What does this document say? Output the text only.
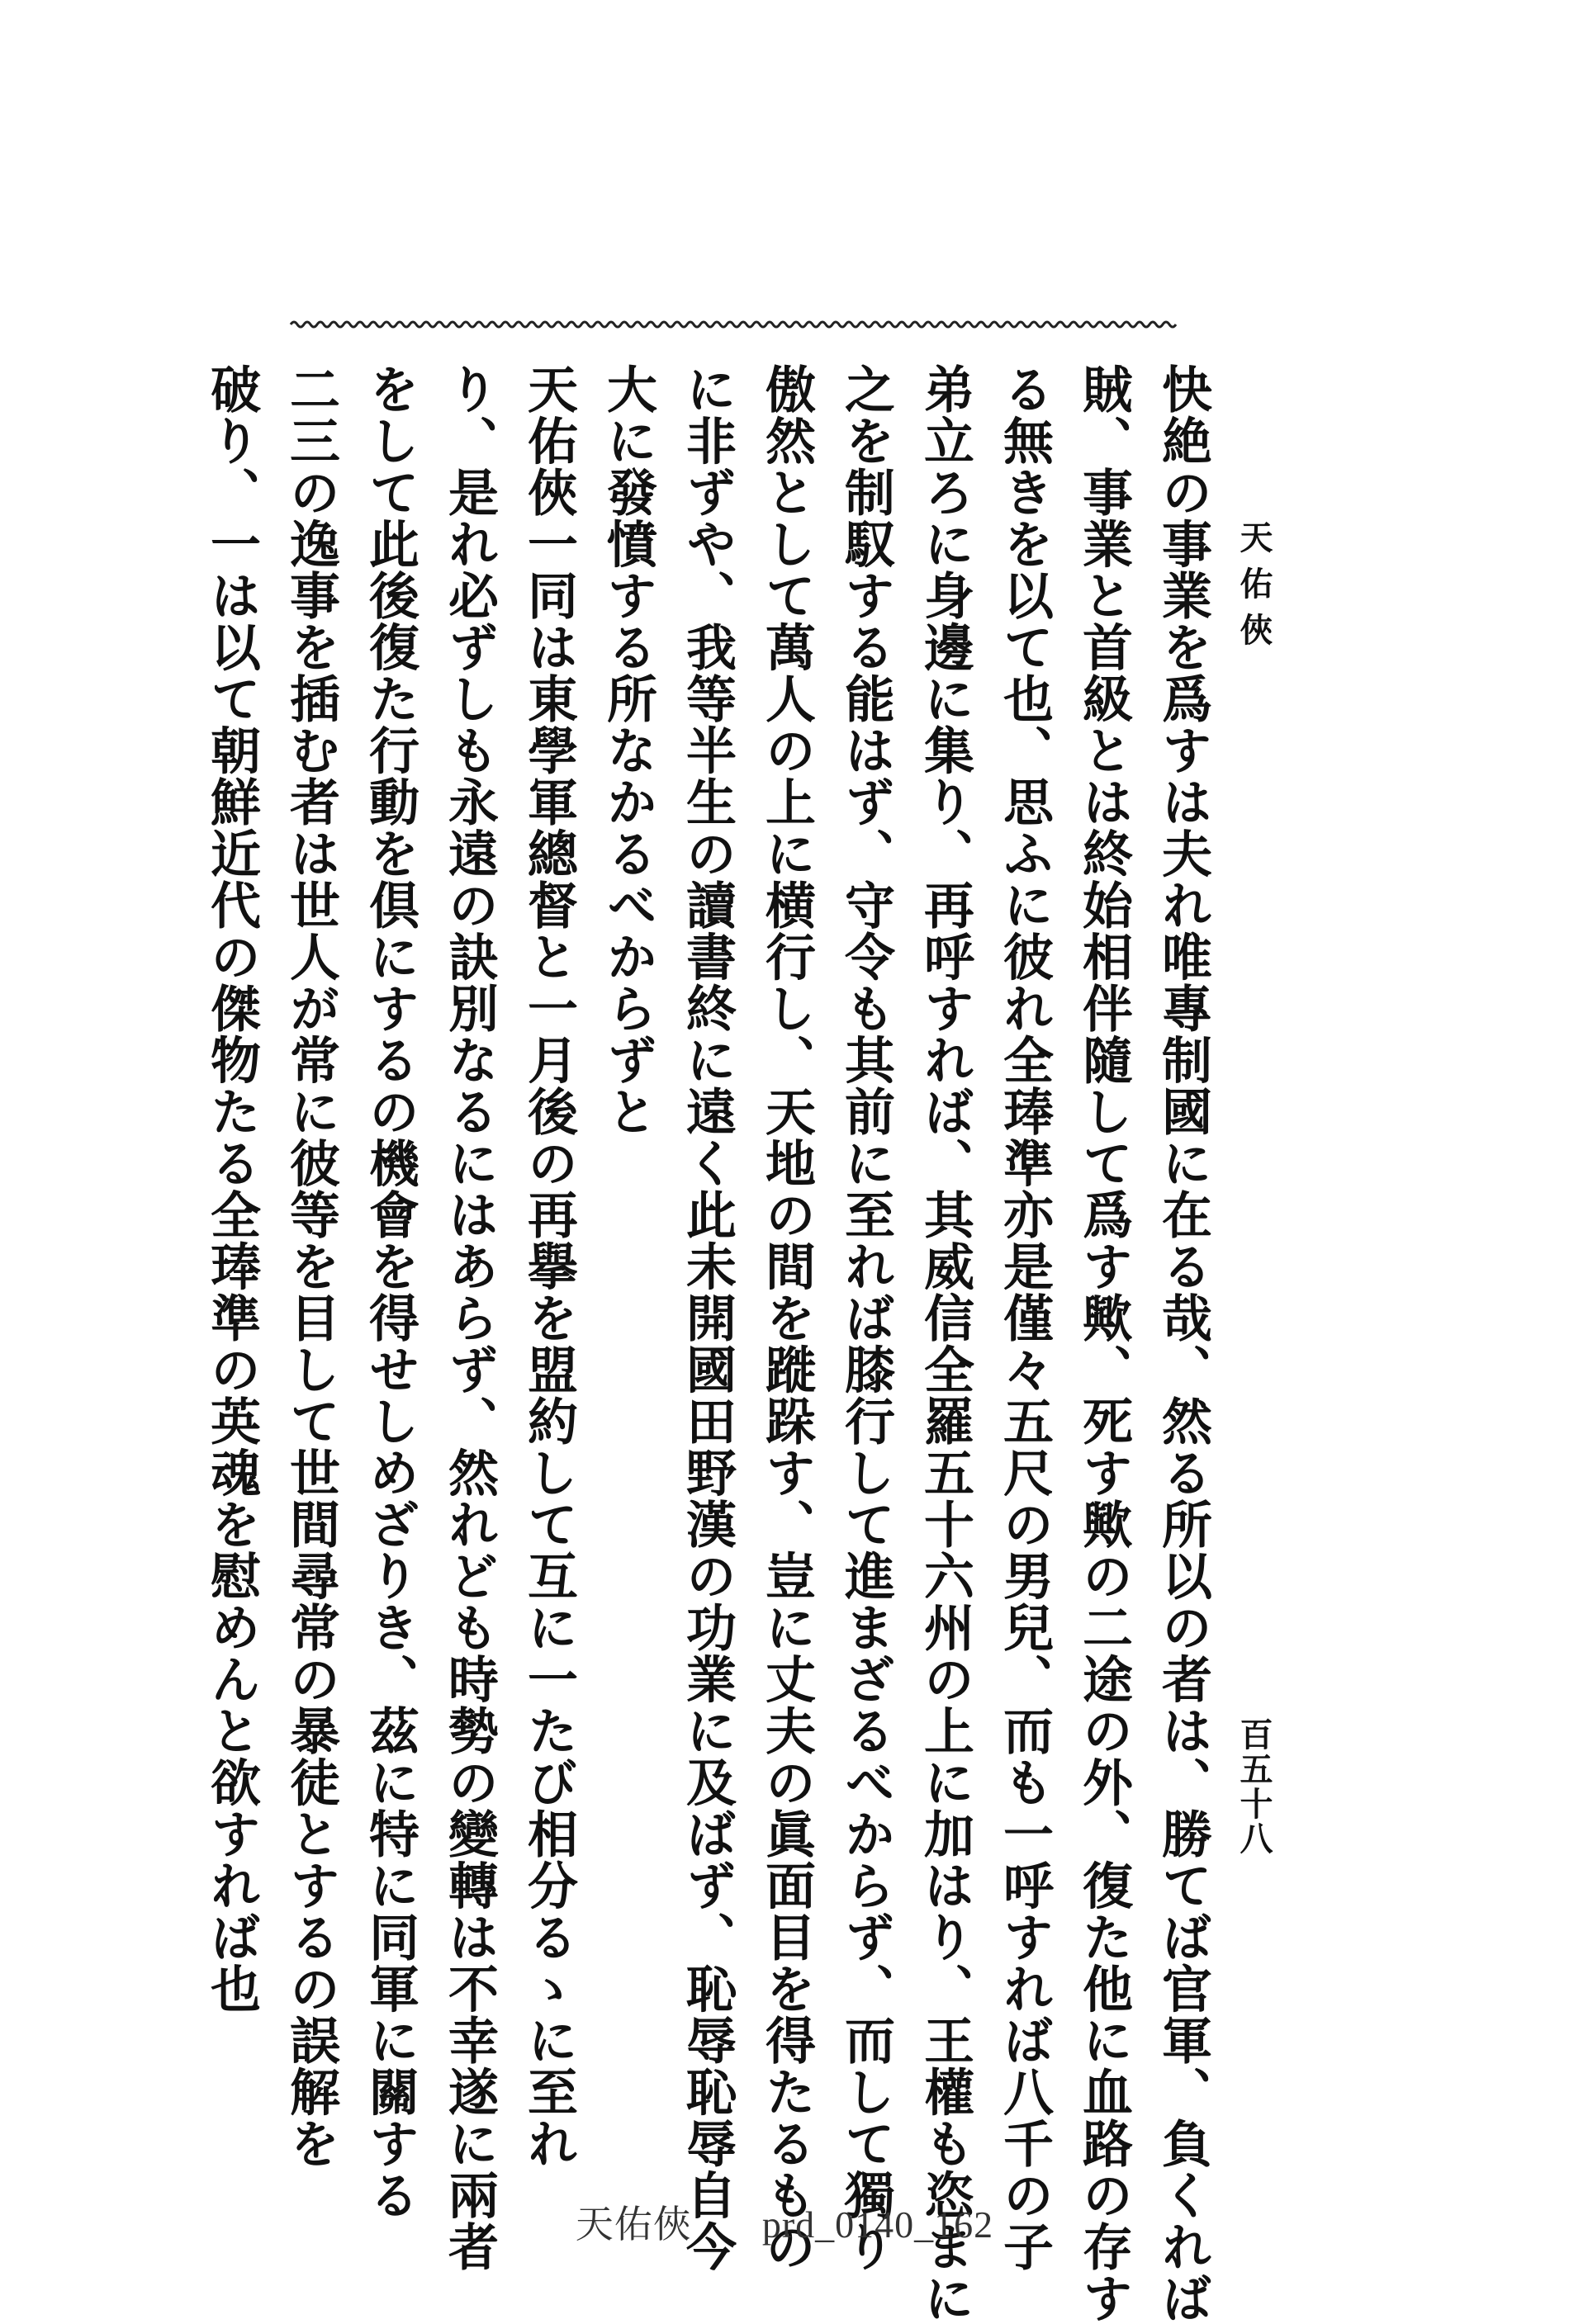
天佑俠
百五十八
快絶の事業を爲すは夫れ唯專制國に在る哉、然る所以の者は、勝てば官軍、負くれば
賊、事業と首級とは終始相伴隨して爲す歟、死す歟の二途の外、復た他に血路の存す
る無きを以て也、思ふに彼れ全琫準亦是僅々五尺の男兒、而も一呼すれば八千の子
弟立ろに身邊に集り、再呼すれば、其威信全羅五十六州の上に加はり、王權も恣まに
之を制馭する能はず、守令も其前に至れば膝行して進まざるべからず、而して獨り
傲然として萬人の上に横行し、天地の間を蹝跺す、豈に丈夫の眞面目を得たるもの
に非ずや、我等半生の讀書終に遠く此未開國田野漢の功業に及ばず、恥辱恥辱自今
大に發憤する所なかるべからずと
天佑俠一同は東學軍總督と一月後の再擧を盟約して互に一たび相分るゝに至れ
り、是れ必ずしも永遠の訣別なるにはあらず、然れども時勢の變轉は不幸遂に兩者
をして此後復た行動を倶にするの機會を得せしめざりき、茲に特に同軍に關する
二三の逸事を插む者は世人が常に彼等を目して世間尋常の暴徒とするの誤解を
破り、一は以て朝鮮近代の傑物たる全琫準の英魂を慰めんと欲すれば也
天佑俠 prd_0140_162
